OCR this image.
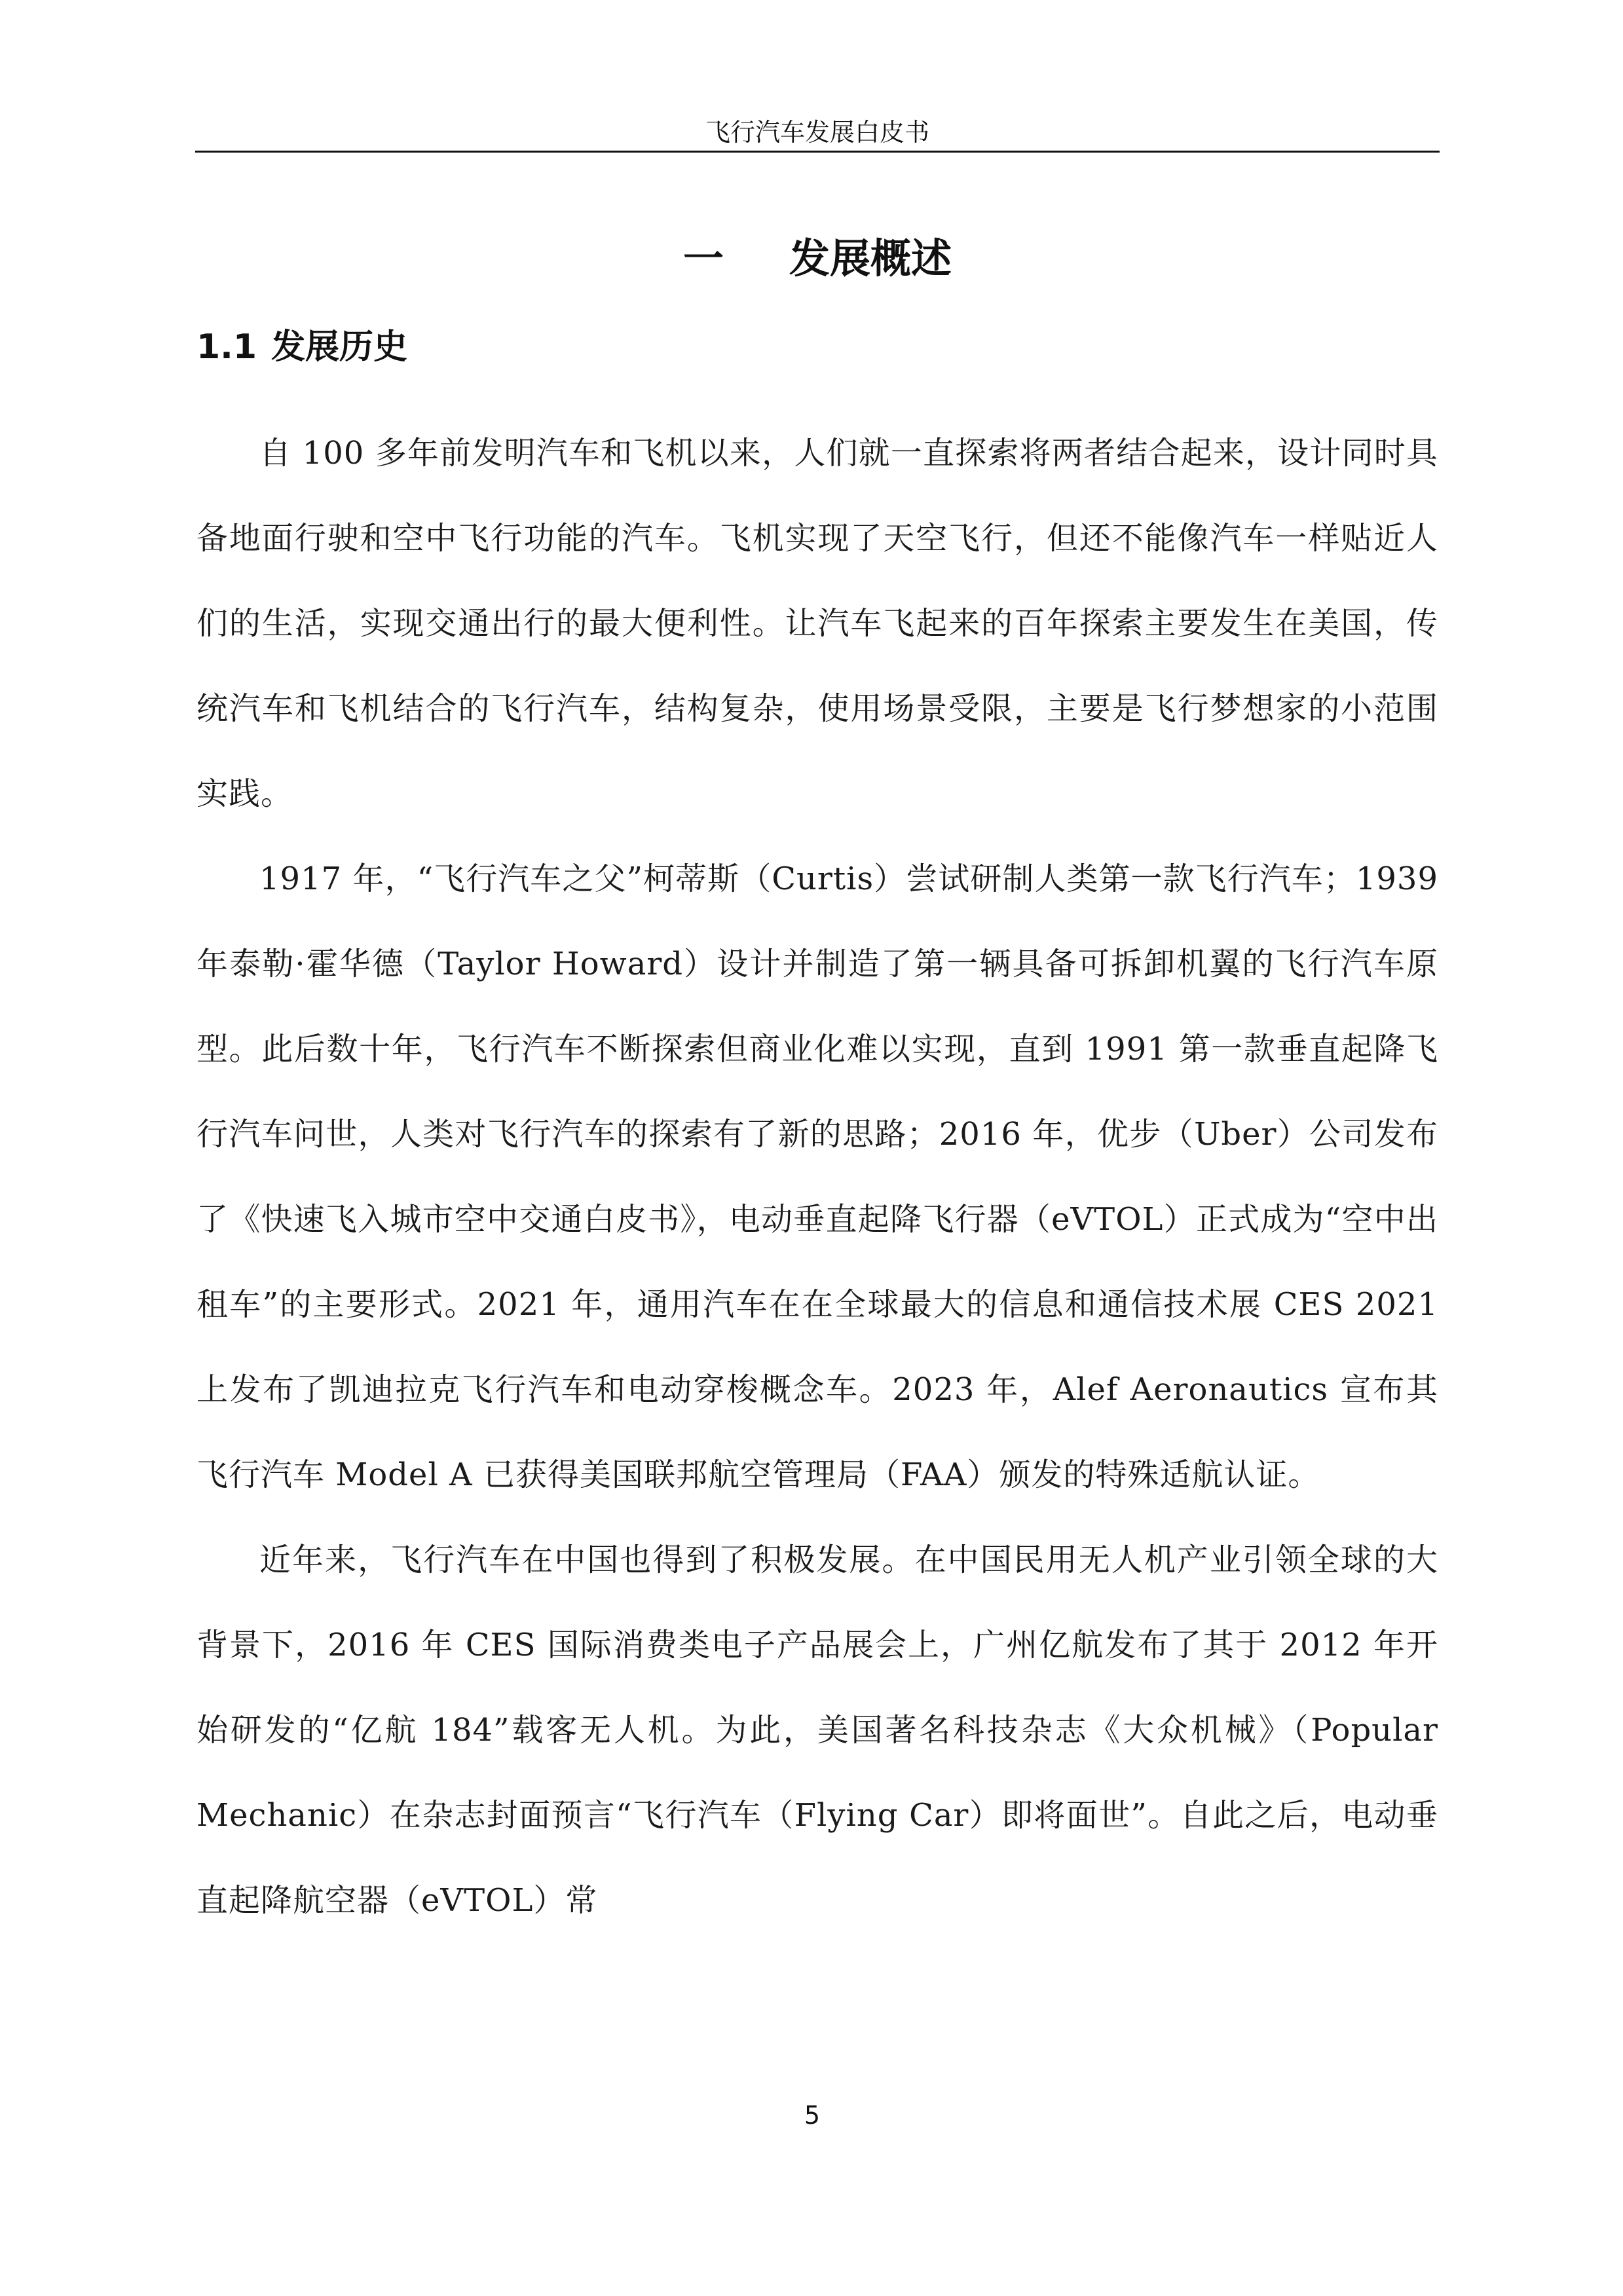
飞行汽车发展白皮书
一 发展概述
1.1 发展历史

自 100 多年前发明汽车和飞机以来，人们就一直探索将两者结合起来，设计同时具备地面行驶和空中飞行功能的汽车。飞机实现了天空飞行，但还不能像汽车一样贴近人们的生活，实现交通出行的最大便利性。让汽车飞起来的百年探索主要发生在美国，传统汽车和飞机结合的飞行汽车，结构复杂，使用场景受限，主要是飞行梦想家的小范围实践。

1917 年，“飞行汽车之父”柯蒂斯（Curtis）尝试研制人类第一款飞行汽车；1939 年泰勒·霍华德（Taylor Howard）设计并制造了第一辆具备可拆卸机翼的飞行汽车原型。此后数十年，飞行汽车不断探索但商业化难以实现，直到 1991 第一款垂直起降飞行汽车问世，人类对飞行汽车的探索有了新的思路；2016 年，优步（Uber）公司发布了《快速飞入城市空中交通白皮书》，电动垂直起降飞行器（eVTOL）正式成为“空中出租车”的主要形式。2021 年，通用汽车在在全球最大的信息和通信技术展 CES 2021 上发布了凯迪拉克飞行汽车和电动穿梭概念车。2023 年，Alef Aeronautics 宣布其飞行汽车 Model A 已获得美国联邦航空管理局（FAA）颁发的特殊适航认证。

近年来，飞行汽车在中国也得到了积极发展。在中国民用无人机产业引领全球的大背景下，2016 年 CES 国际消费类电子产品展会上，广州亿航发布了其于 2012 年开始研发的“亿航 184”载客无人机。为此，美国著名科技杂志《大众机械》（Popular Mechanic）在杂志封面预言“飞行汽车（Flying Car）即将面世”。自此之后，电动垂直起降航空器（eVTOL）常

5
